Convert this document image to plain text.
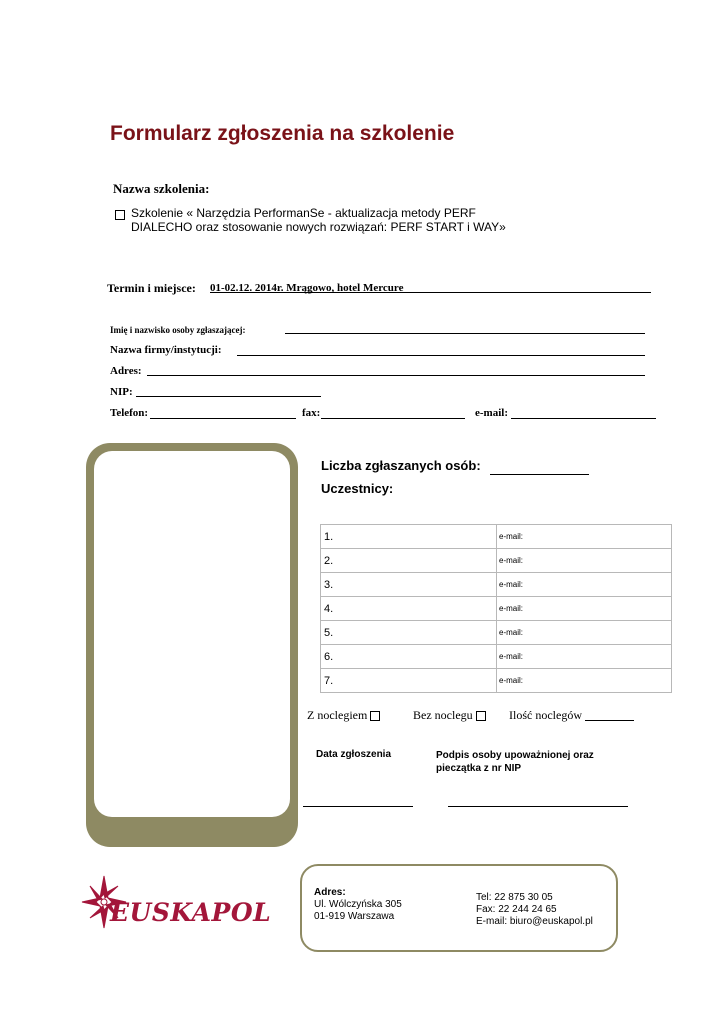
Formularz zgłoszenia na szkolenie
Nazwa szkolenia:
Szkolenie « Narzędzia PerformanSe - aktualizacja metody PERF
DIALECHO oraz stosowanie nowych rozwiązań: PERF START i WAY»
Termin i miejsce: 01-02.12. 2014r. Mrągowo, hotel Mercure
Imię i nazwisko osoby zgłaszającej:
Nazwa firmy/instytucji:
Adres:
NIP:
Telefon:	fax:	e-mail:
Liczba zgłaszanych osób:
Uczestnicy:
1.	e-mail:
2.	e-mail:
3.	e-mail:
4.	e-mail:
5.	e-mail:
6.	e-mail:
7.	e-mail:
Z noclegiem	Bez noclegu	Ilość noclegów
Data zgłoszenia	Podpis osoby upoważnionej oraz
pieczątka z nr NIP
EUSKAPOL
Adres:
Ul. Wólczyńska 305
01-919 Warszawa
Tel: 22 875 30 05
Fax: 22 244 24 65
E-mail: biuro@euskapol.pl
